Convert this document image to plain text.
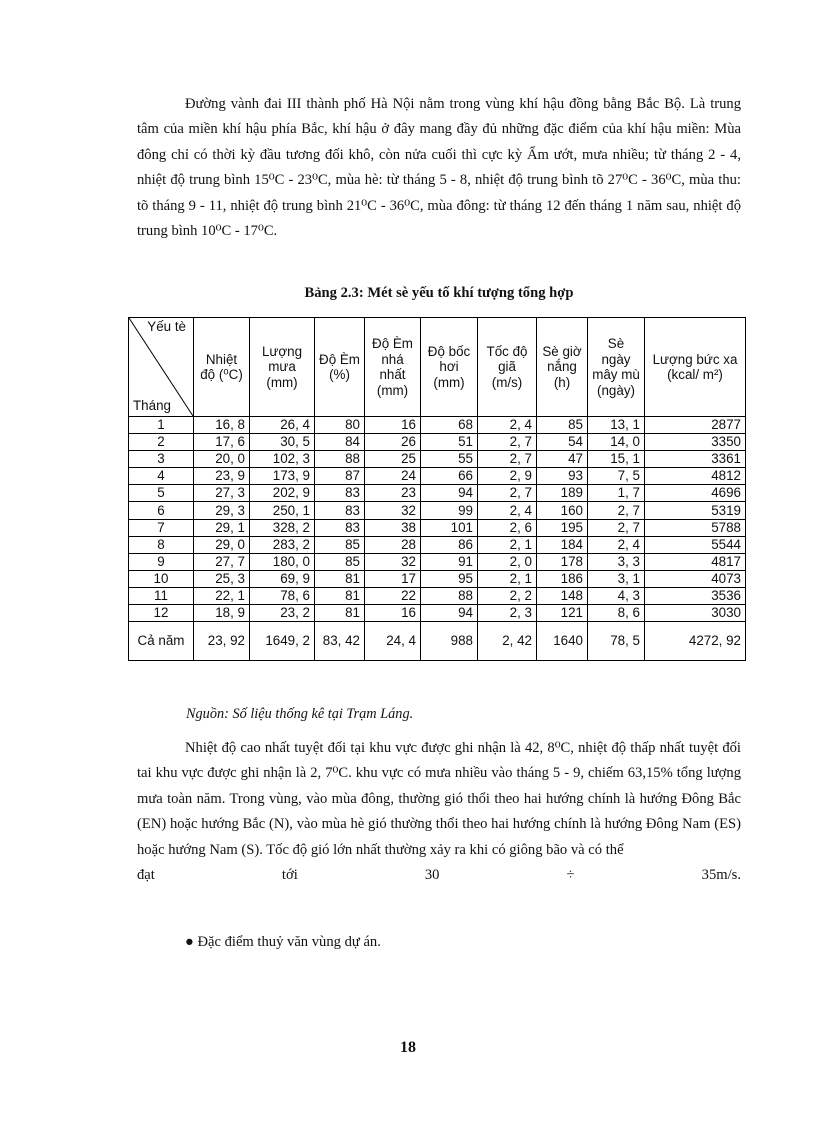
Đường vành đai III thành phố Hà Nội nằm trong vùng khí hậu đồng bằng Bắc Bộ. Là trung tâm của miền khí hậu phía Bắc, khí hậu ở đây mang đầy đủ những đặc điểm của khí hậu miền: Mùa đông chỉ có thời kỳ đầu tương đối khô, còn nửa cuối thì cực kỳ Ẩm ướt, mưa nhiều; từ tháng 2 - 4, nhiệt độ trung bình 15⁰C - 23⁰C, mùa hè: từ tháng 5 - 8, nhiệt độ trung bình tõ 27⁰C - 36⁰C, mùa thu: tõ tháng 9 - 11, nhiệt độ trung bình 21⁰C - 36⁰C, mùa đông: từ tháng 12 đến tháng 1 năm sau, nhiệt độ trung bình 10⁰C - 17⁰C.

Bảng 2.3: Mét sè yếu tố khí tượng tổng hợp

Yếu tè
Tháng	Nhiệt độ (⁰C)	Lượng mưa (mm)	Độ Èm (%)	Độ Èm nhá nhất (mm)	Độ bốc hơi (mm)	Tốc độ giã (m/s)	Sè giờ nắng (h)	Sè ngày mây mù (ngày)	Lượng bức xa (kcal/ m²)
1	16, 8	26, 4	80	16	68	2, 4	85	13, 1	2877
2	17, 6	30, 5	84	26	51	2, 7	54	14, 0	3350
3	20, 0	102, 3	88	25	55	2, 7	47	15, 1	3361
4	23, 9	173, 9	87	24	66	2, 9	93	7, 5	4812
5	27, 3	202, 9	83	23	94	2, 7	189	1, 7	4696
6	29, 3	250, 1	83	32	99	2, 4	160	2, 7	5319
7	29, 1	328, 2	83	38	101	2, 6	195	2, 7	5788
8	29, 0	283, 2	85	28	86	2, 1	184	2, 4	5544
9	27, 7	180, 0	85	32	91	2, 0	178	3, 3	4817
10	25, 3	69, 9	81	17	95	2, 1	186	3, 1	4073
11	22, 1	78, 6	81	22	88	2, 2	148	4, 3	3536
12	18, 9	23, 2	81	16	94	2, 3	121	8, 6	3030
Cả năm	23, 92	1649, 2	83, 42	24, 4	988	2, 42	1640	78, 5	4272, 92

Nguồn: Số liệu thống kê tại Trạm Láng.

Nhiệt độ cao nhất tuyệt đối tại khu vực được ghi nhận là 42, 8⁰C, nhiệt độ thấp nhất tuyệt đối tai khu vực được ghi nhận là 2, 7⁰C. khu vực có mưa nhiều vào tháng 5 - 9, chiếm 63,15% tổng lượng mưa toàn năm. Trong vùng, vào mùa đông, thường gió thổi theo hai hướng chính là hướng Đông Bắc (EN) hoặc hướng Bắc (N), vào mùa hè gió thường thổi theo hai hướng chính là hướng Đông Nam (ES) hoặc hướng Nam (S). Tốc độ gió lớn nhất thường xảy ra khi có giông bão và có thể
đạt tới 30 ÷ 35m/s.

● Đặc điểm thuỷ văn vùng dự án.

18
